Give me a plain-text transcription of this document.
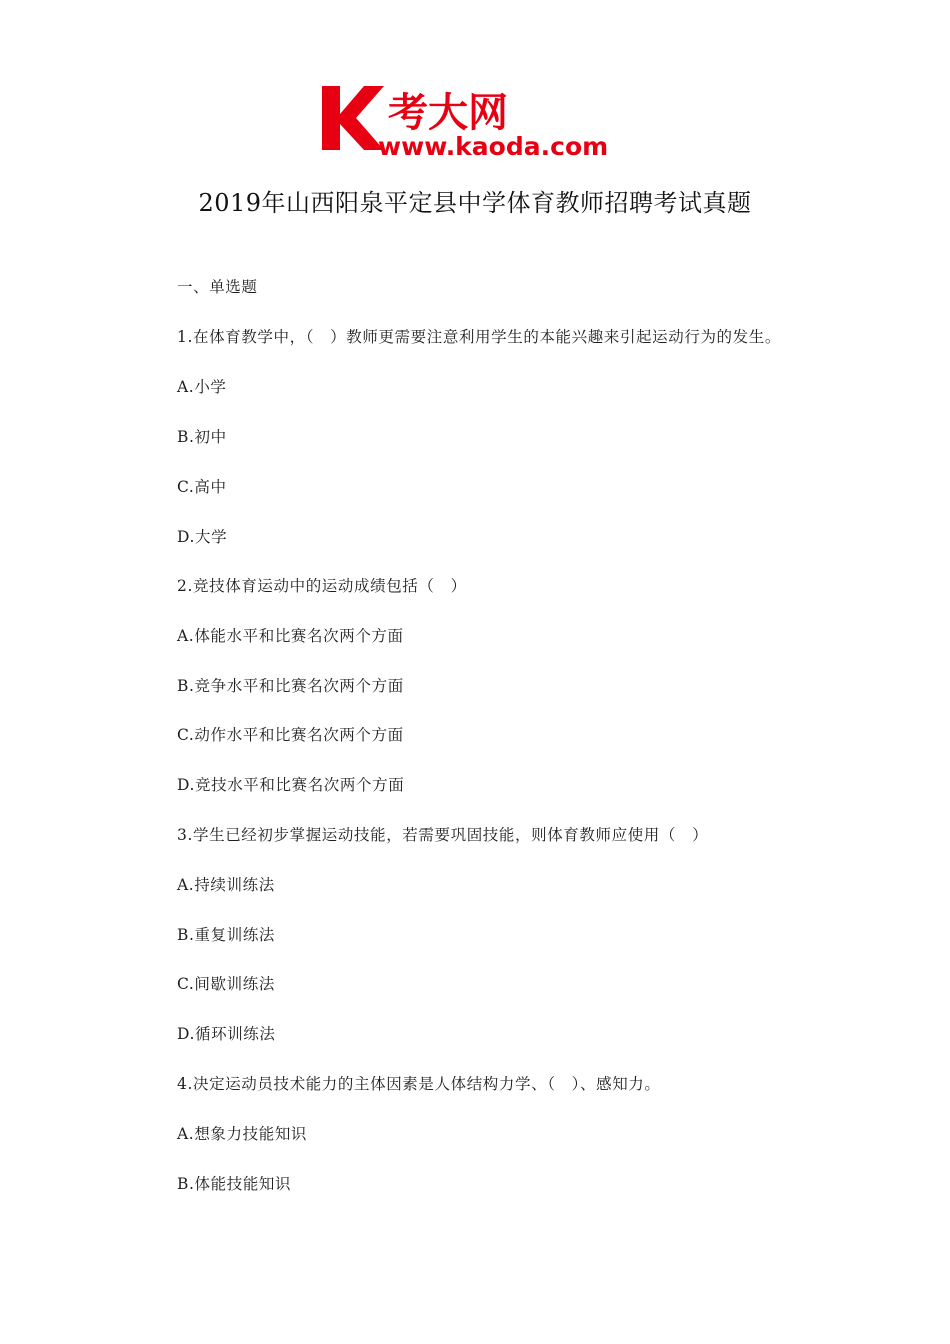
考大网
www.kaoda.com
2019年山西阳泉平定县中学体育教师招聘考试真题
一、单选题
1.在体育教学中，（　）教师更需要注意利用学生的本能兴趣来引起运动行为的发生。
A.小学
B.初中
C.高中
D.大学
2.竞技体育运动中的运动成绩包括（　）
A.体能水平和比赛名次两个方面
B.竞争水平和比赛名次两个方面
C.动作水平和比赛名次两个方面
D.竞技水平和比赛名次两个方面
3.学生已经初步掌握运动技能，若需要巩固技能，则体育教师应使用（　）
A.持续训练法
B.重复训练法
C.间歇训练法
D.循环训练法
4.决定运动员技术能力的主体因素是人体结构力学、（　）、感知力。
A.想象力技能知识
B.体能技能知识
